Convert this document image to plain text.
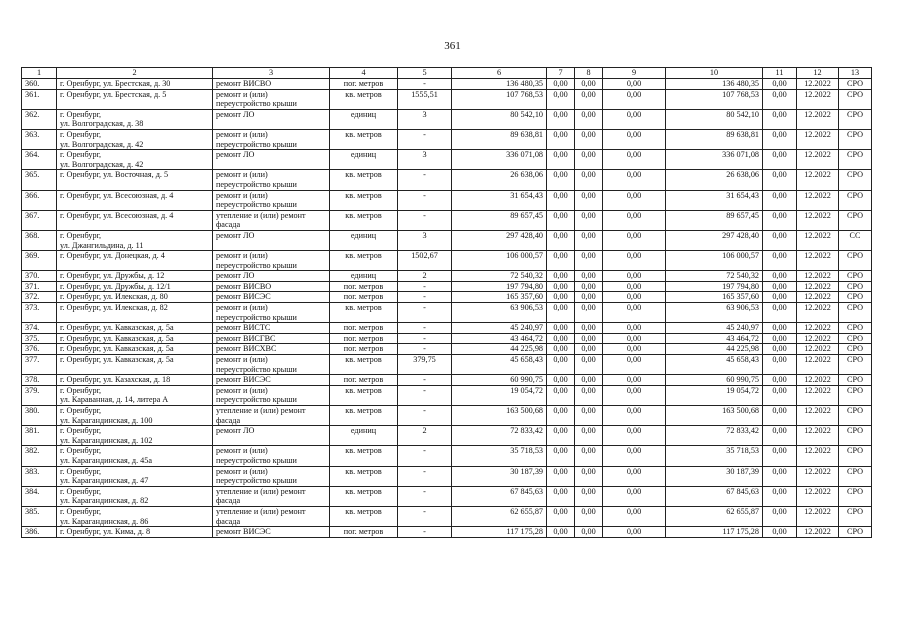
361
1	2	3	4	5	6	7	8	9	10	11	12	13
360.	г. Оренбург, ул. Брестская, д. 30	ремонт ВИСВО	пог. метров	-	136 480,35	0,00	0,00	0,00	136 480,35	0,00	12.2022	СРО
361.	г. Оренбург, ул. Брестская, д. 5	ремонт и (или)
переустройство крыши	кв. метров	1555,51	107 768,53	0,00	0,00	0,00	107 768,53	0,00	12.2022	СРО
362.	г. Оренбург,
ул. Волгоградская, д. 38	ремонт ЛО	единиц	3	80 542,10	0,00	0,00	0,00	80 542,10	0,00	12.2022	СРО
363.	г. Оренбург,
ул. Волгоградская, д. 42	ремонт и (или)
переустройство крыши	кв. метров	-	89 638,81	0,00	0,00	0,00	89 638,81	0,00	12.2022	СРО
364.	г. Оренбург,
ул. Волгоградская, д. 42	ремонт ЛО	единиц	3	336 071,08	0,00	0,00	0,00	336 071,08	0,00	12.2022	СРО
365.	г. Оренбург, ул. Восточная, д. 5	ремонт и (или)
переустройство крыши	кв. метров	-	26 638,06	0,00	0,00	0,00	26 638,06	0,00	12.2022	СРО
366.	г. Оренбург, ул. Всесоюзная, д. 4	ремонт и (или)
переустройство крыши	кв. метров	-	31 654,43	0,00	0,00	0,00	31 654,43	0,00	12.2022	СРО
367.	г. Оренбург, ул. Всесоюзная, д. 4	утепление и (или) ремонт
фасада	кв. метров	-	89 657,45	0,00	0,00	0,00	89 657,45	0,00	12.2022	СРО
368.	г. Оренбург,
ул. Джангильдина, д. 11	ремонт ЛО	единиц	3	297 428,40	0,00	0,00	0,00	297 428,40	0,00	12.2022	СС
369.	г. Оренбург, ул. Донецкая, д. 4	ремонт и (или)
переустройство крыши	кв. метров	1502,67	106 000,57	0,00	0,00	0,00	106 000,57	0,00	12.2022	СРО
370.	г. Оренбург, ул. Дружбы, д. 12	ремонт ЛО	единиц	2	72 540,32	0,00	0,00	0,00	72 540,32	0,00	12.2022	СРО
371.	г. Оренбург, ул. Дружбы, д. 12/1	ремонт ВИСВО	пог. метров	-	197 794,80	0,00	0,00	0,00	197 794,80	0,00	12.2022	СРО
372.	г. Оренбург, ул. Илекская, д. 80	ремонт ВИСЭС	пог. метров	-	165 357,60	0,00	0,00	0,00	165 357,60	0,00	12.2022	СРО
373.	г. Оренбург, ул. Илекская, д. 82	ремонт и (или)
переустройство крыши	кв. метров	-	63 906,53	0,00	0,00	0,00	63 906,53	0,00	12.2022	СРО
374.	г. Оренбург, ул. Кавказская, д. 5а	ремонт ВИСТС	пог. метров	-	45 240,97	0,00	0,00	0,00	45 240,97	0,00	12.2022	СРО
375.	г. Оренбург, ул. Кавказская, д. 5а	ремонт ВИСГВС	пог. метров	-	43 464,72	0,00	0,00	0,00	43 464,72	0,00	12.2022	СРО
376.	г. Оренбург, ул. Кавказская, д. 5а	ремонт ВИСХВС	пог. метров	-	44 225,98	0,00	0,00	0,00	44 225,98	0,00	12.2022	СРО
377.	г. Оренбург, ул. Кавказская, д. 5а	ремонт и (или)
переустройство крыши	кв. метров	379,75	45 658,43	0,00	0,00	0,00	45 658,43	0,00	12.2022	СРО
378.	г. Оренбург, ул. Казахская, д. 18	ремонт ВИСЭС	пог. метров	-	60 990,75	0,00	0,00	0,00	60 990,75	0,00	12.2022	СРО
379.	г. Оренбург,
ул. Караванная, д. 14, литера А	ремонт и (или)
переустройство крыши	кв. метров	-	19 054,72	0,00	0,00	0,00	19 054,72	0,00	12.2022	СРО
380.	г. Оренбург,
ул. Карагандинская, д. 100	утепление и (или) ремонт
фасада	кв. метров	-	163 500,68	0,00	0,00	0,00	163 500,68	0,00	12.2022	СРО
381.	г. Оренбург,
ул. Карагандинская, д. 102	ремонт ЛО	единиц	2	72 833,42	0,00	0,00	0,00	72 833,42	0,00	12.2022	СРО
382.	г. Оренбург,
ул. Карагандинская, д. 45а	ремонт и (или)
переустройство крыши	кв. метров	-	35 718,53	0,00	0,00	0,00	35 718,53	0,00	12.2022	СРО
383.	г. Оренбург,
ул. Карагандинская, д. 47	ремонт и (или)
переустройство крыши	кв. метров	-	30 187,39	0,00	0,00	0,00	30 187,39	0,00	12.2022	СРО
384.	г. Оренбург,
ул. Карагандинская, д. 82	утепление и (или) ремонт
фасада	кв. метров	-	67 845,63	0,00	0,00	0,00	67 845,63	0,00	12.2022	СРО
385.	г. Оренбург,
ул. Карагандинская, д. 86	утепление и (или) ремонт
фасада	кв. метров	-	62 655,87	0,00	0,00	0,00	62 655,87	0,00	12.2022	СРО
386.	г. Оренбург, ул. Кима, д. 8	ремонт ВИСЭС	пог. метров	-	117 175,28	0,00	0,00	0,00	117 175,28	0,00	12.2022	СРО
